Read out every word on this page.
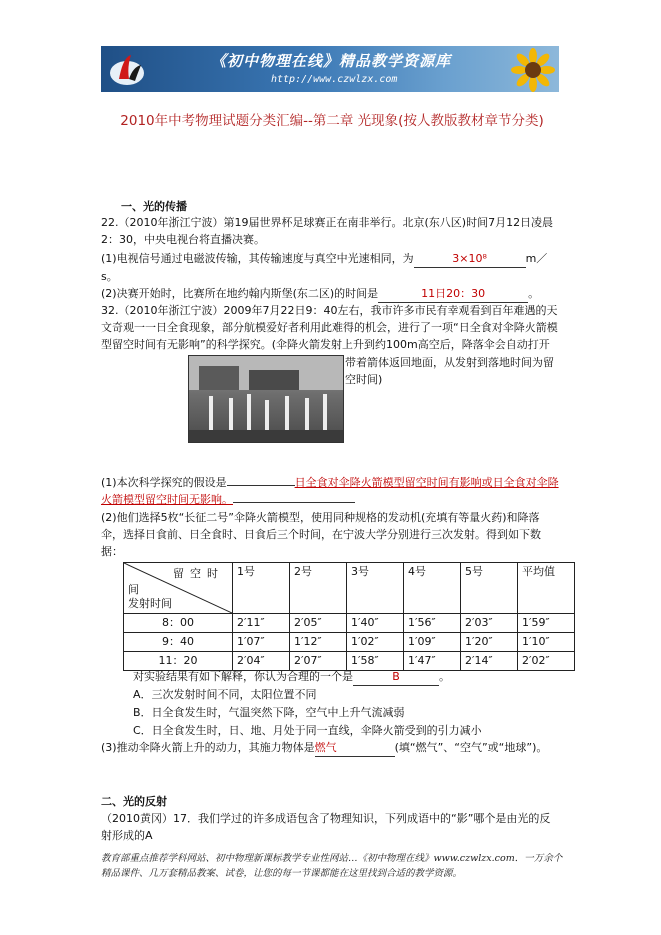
《初中物理在线》精品教学资源库
http://www.czwlzx.com
2010年中考物理试题分类汇编--第二章 光现象(按人教版教材章节分类)
一、光的传播
22.（2010年浙江宁波）第19届世界杯足球赛正在南非举行。北京(东八区)时间7月12日凌晨2：30，中央电视台将直播决赛。
(1)电视信号通过电磁波传输，其传输速度与真空中光速相同，为	3×10⁸	m／s。
(2)决赛开始时，比赛所在地约翰内斯堡(东二区)的时间是	11日20：30	。
32.（2010年浙江宁波）2009年7月22日9：40左右，我市许多市民有幸观看到百年难遇的天文奇观一一日全食现象，部分航模爱好者利用此难得的机会，进行了一项“日全食对伞降火箭模型留空时间有无影响”的科学探究。(伞降火箭发射上升到约100m高空后，降落伞会自动打开
带着箭体返回地面，从发射到落地时间为留空时间)
(1)本次科学探究的假设是	日全食对伞降火箭模型留空时间有影响或日全食对伞降火箭模型留空时间无影响。
(2)他们选择5枚“长征二号”伞降火箭模型，使用同种规格的发动机(充填有等量火药)和降落伞，选择日食前、日全食时、日食后三个时间，在宁波大学分别进行三次发射。得到如下数据：
留空时
间
发射时间	1号	2号	3号	4号	5号	平均值
8：00	2′11″	2′05″	1′40″	1′56″	2′03″	1′59″
9：40	1′07″	1′12″	1′02″	1′09″	1′20″	1′10″
11：20	2′04″	2′07″	1′58″	1′47″	2′14″	2′02″
对实验结果有如下解释，你认为合理的一个是	B	。
A．三次发射时间不同，太阳位置不同
B．日全食发生时，气温突然下降，空气中上升气流减弱
C．日全食发生时，日、地、月处于同一直线，伞降火箭受到的引力减小
(3)推动伞降火箭上升的动力，其施力物体是燃气	(填“燃气”、“空气”或“地球”)。
二、光的反射
（2010黄冈）17．我们学过的许多成语包含了物理知识，下列成语中的“影”哪个是由光的反射形成的A
教育部重点推荐学科网站、初中物理新课标教学专业性网站…《初中物理在线》www.czwlzx.com．一万余个精品课件、几万套精品教案、试卷，让您的每一节课都能在这里找到合适的教学资源。
